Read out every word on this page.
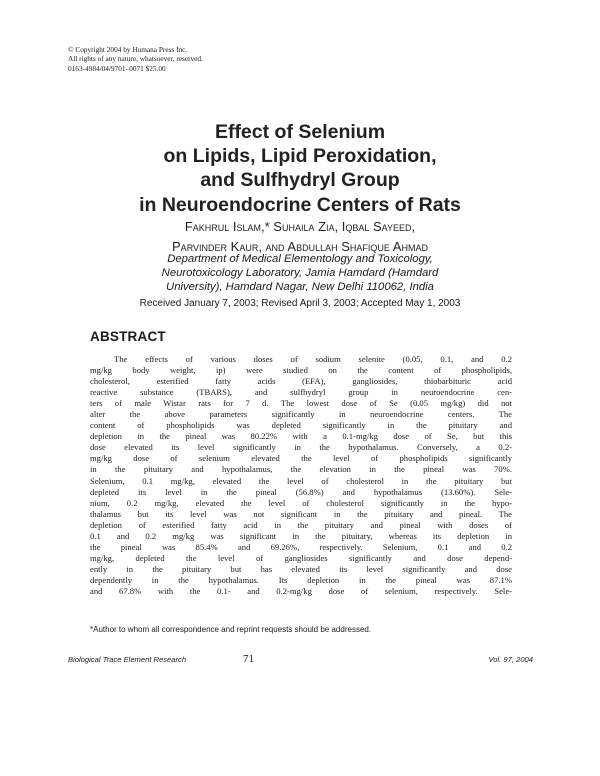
© Copyright 2004 by Humana Press Inc.
All rights of any nature, whatsoever, reserved.
0163-4984/04/9701–0071 $25.00
Effect of Selenium
on Lipids, Lipid Peroxidation,
and Sulfhydryl Group
in Neuroendocrine Centers of Rats
Fakhrul Islam,* Suhaila Zia, Iqbal Sayeed,
Parvinder Kaur, and Abdullah Shafique Ahmad
Department of Medical Elementology and Toxicology,
Neurotoxicology Laboratory, Jamia Hamdard (Hamdard
University), Hamdard Nagar, New Delhi 110062, India
Received January 7, 2003; Revised April 3, 2003; Accepted May 1, 2003
ABSTRACT
The effects of various doses of sodium selenite (0.05, 0.1, and 0.2
mg/kg body weight, ip) were studied on the content of phospholipids,
cholesterol, esterified fatty acids (EFA), gangliosides, thiobarbituric acid
reactive substance (TBARS), and sulfhydryl group in neuroendocrine cen-
ters of male Wistar rats for 7 d. The lowest dose of Se (0.05 mg/kg) did not
alter the above parameters significantly in neuroendocrine centers. The
content of phospholipids was depleted significantly in the pituitary and
depletion in the pineal was 80.22% with a 0.1-mg/kg dose of Se, but this
dose elevated its level significantly in the hypothalamus. Conversely, a 0.2-
mg/kg dose of selenium elevated the level of phospholipids significantly
in the pituitary and hypothalamus, the elevation in the pineal was 70%.
Selenium, 0.1 mg/kg, elevated the level of cholesterol in the pituitary but
depleted its level in the pineal (56.8%) and hypothalamus (13.60%). Sele-
nium, 0.2 mg/kg, elevated the level of cholesterol significantly in the hypo-
thalamus but its level was not significant in the pituitary and pineal. The
depletion of esterified fatty acid in the pituitary and pineal with doses of
0.1 and 0.2 mg/kg was significant in the pituitary, whereas its depletion in
the pineal was 85.4% and 69.26%, respectively. Selenium, 0.1 and 0.2
mg/kg, depleted the level of gangliosides significantly and dose depend-
ently in the pituitary but has elevated its level significantly and dose
dependently in the hypothalamus. Its depletion in the pineal was 87.1%
and 67.8% with the 0.1- and 0.2-mg/kg dose of selenium, respectively. Sele-
*Author to whom all correspondence and reprint requests should be addressed.
Biological Trace Element Research	71	Vol. 97, 2004
